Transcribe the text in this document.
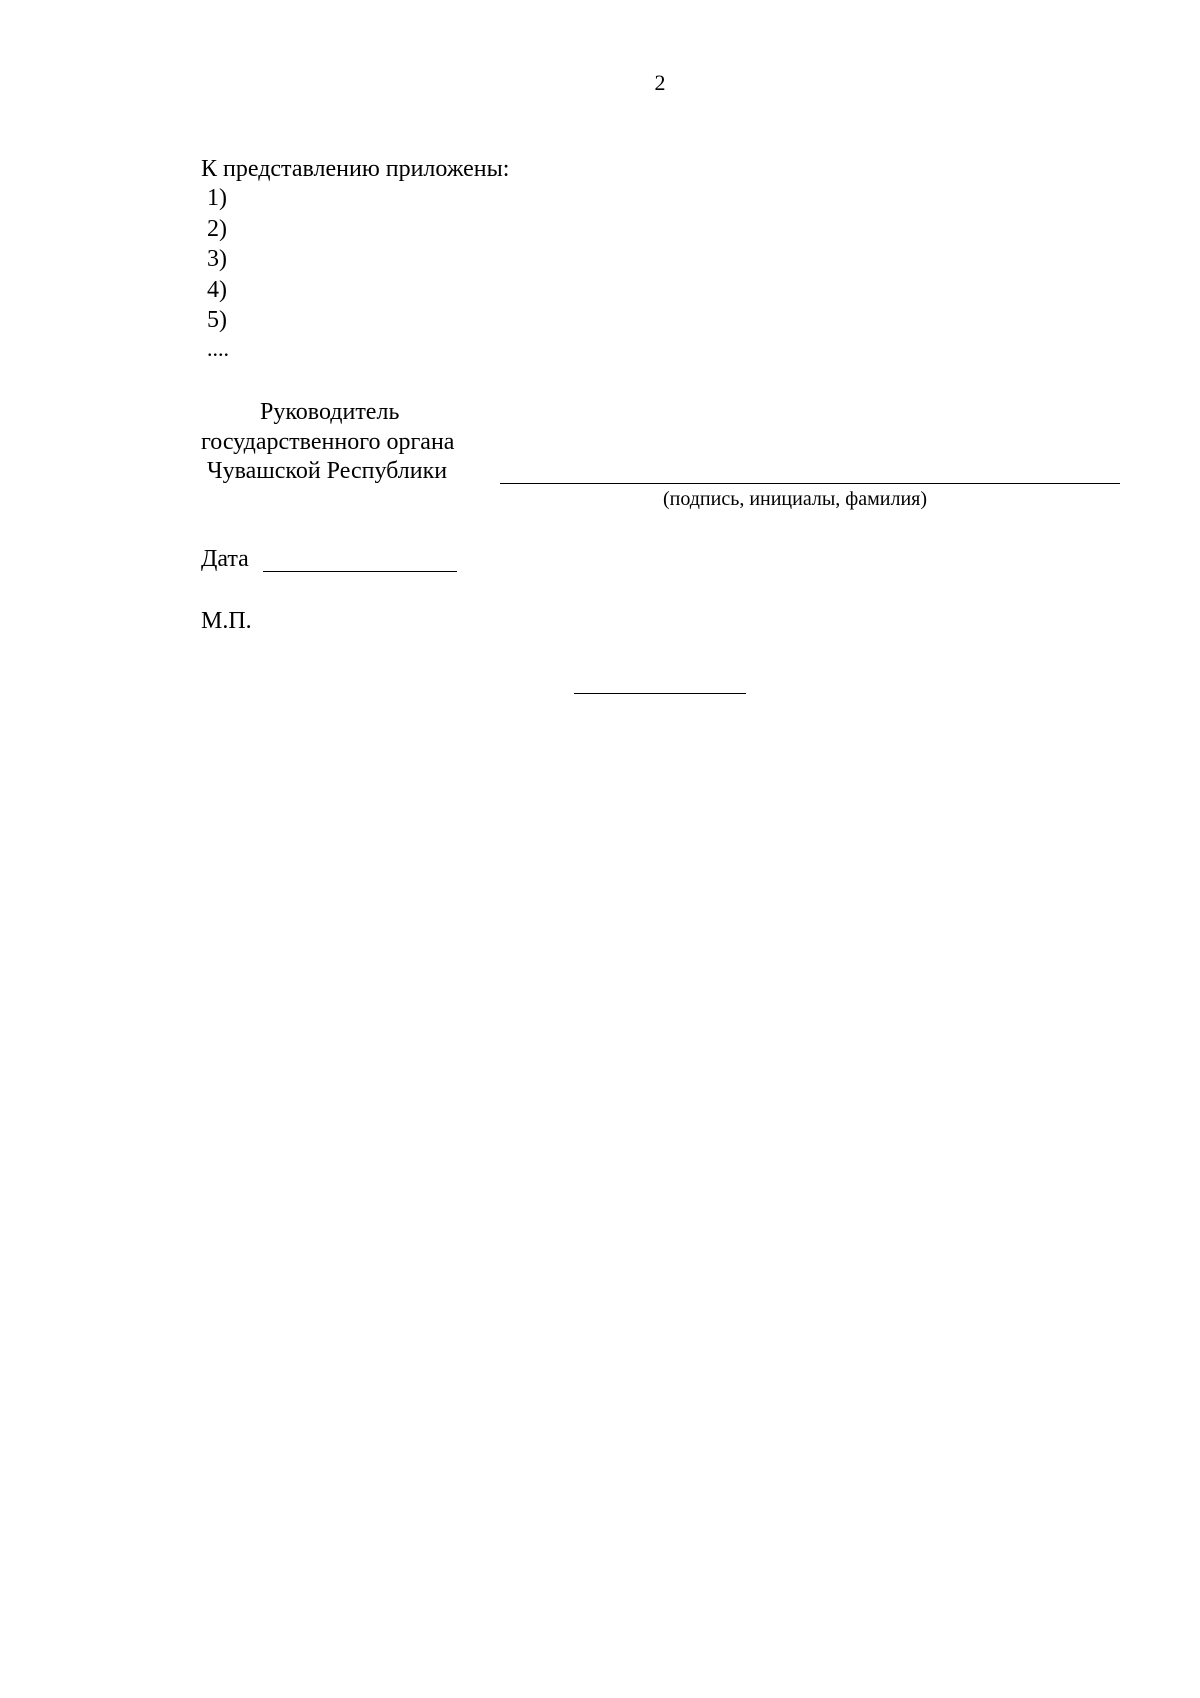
2
К представлению приложены:
1)
2)
3)
4)
5)
....
Руководитель
государственного органа
Чувашской Республики
(подпись, инициалы, фамилия)
Дата
М.П.
